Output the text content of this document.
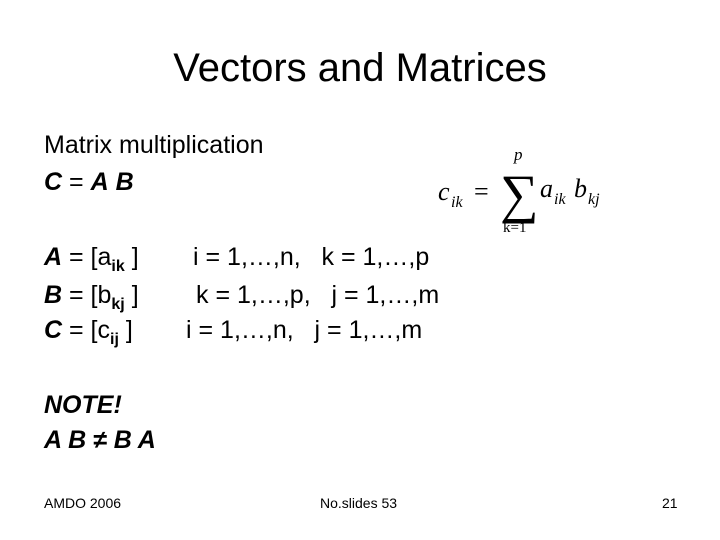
Vectors and Matrices
Matrix multiplication
C = A B	c ik
p
a ik b kj
= ∑
k=1
$A = [a_{ik}$ ]
$B = [b_{kj}$ ]
$C = [c_{ij}$ ]
i = 1,…,n,   k = 1,…,p
k = 1,…,p,   j = 1,…,m
i = 1,…,n,   j = 1,…,m
NOTE!
A B ≠ B A
AMDO 2006	No.slides 53	21
